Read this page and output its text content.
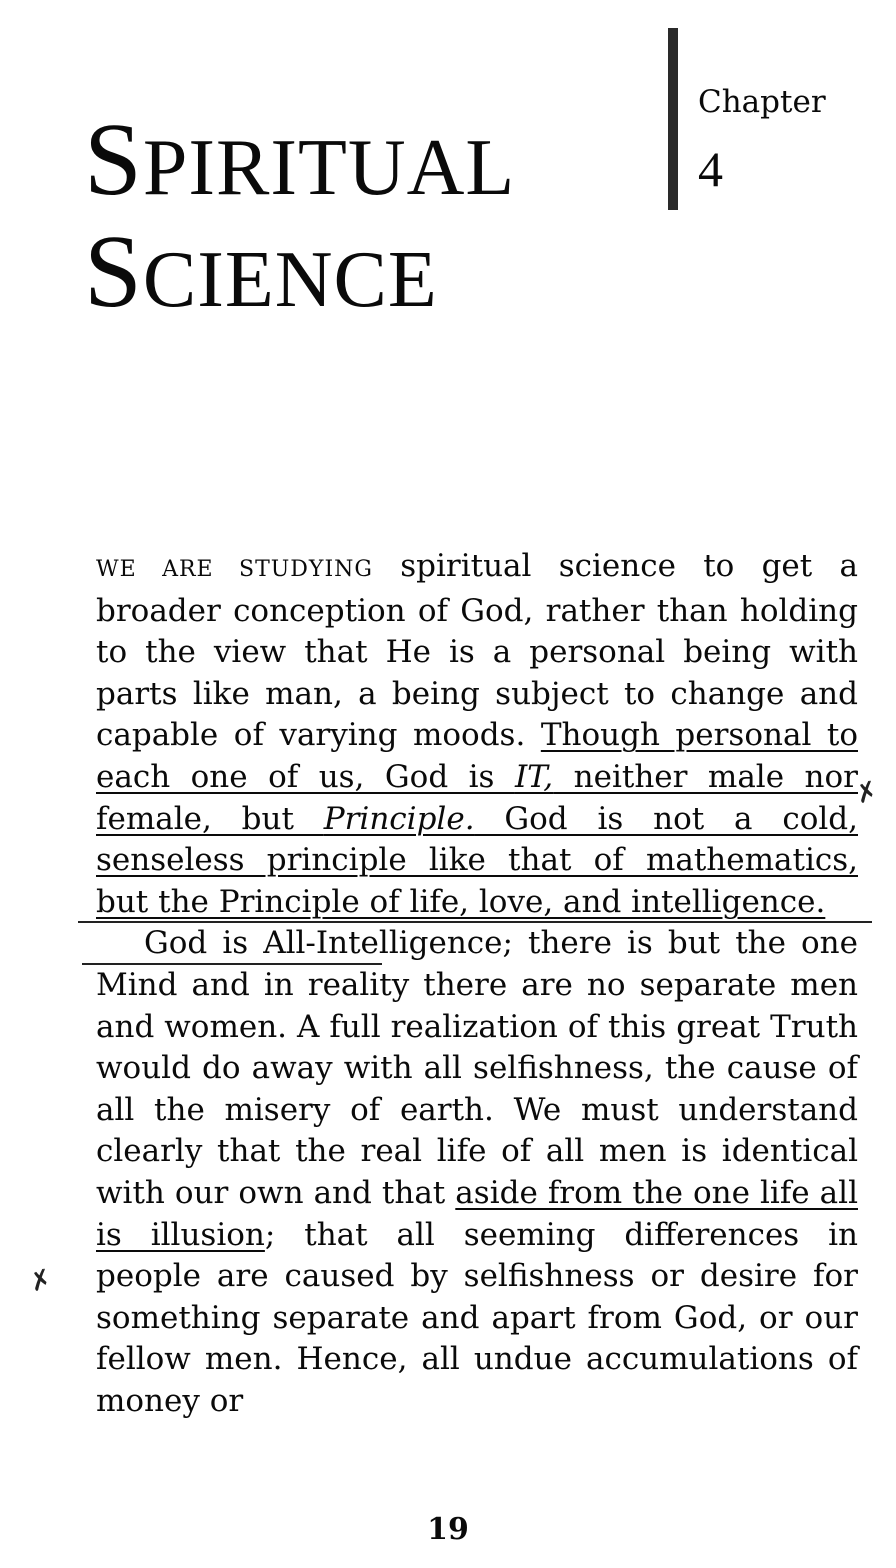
SPIRITUAL
SCIENCE
Chapter
4

WE ARE STUDYING spiritual science to get a broader conception of God, rather than holding to the view that He is a personal being with parts like man, a being subject to change and capable of varying moods. Though personal to each one of us, God is IT, neither male nor female, but Principle. God is not a cold, senseless principle like that of mathematics, but the Principle of life, love, and intelligence.

God is All-Intelligence; there is but the one Mind and in reality there are no separate men and women. A full realization of this great Truth would do away with all selfishness, the cause of all the misery of earth. We must understand clearly that the real life of all men is identical with our own and that aside from the one life all is illusion; that all seeming differences in people are caused by selfishness or desire for something separate and apart from God, or our fellow men. Hence, all undue accumulations of money or

✗
✗
19
